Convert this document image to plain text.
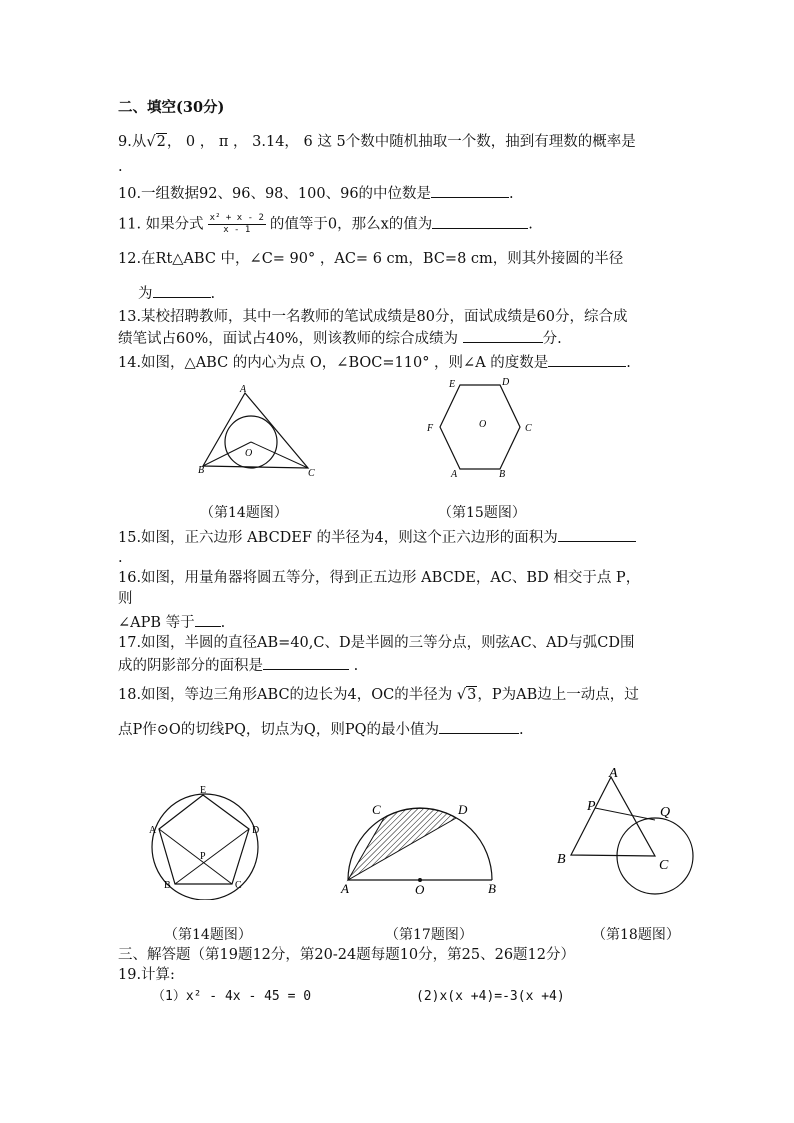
二、填空(30分)
9.从√2， 0 ， π ， 3.14， 6 这 5个数中随机抽取一个数，抽到有理数的概率是
.
10.一组数据92、96、98、100、96的中位数是	.
11. 如果分式 $\frac{\text{x² + x - 2}}{x - 1}$ 的值等于0，那么x的值为	.
12.在Rt△ABC 中，∠C= 90° ，AC= 6 cm，BC=8 cm，则其外接圆的半径
为	.
13.某校招聘教师，其中一名教师的笔试成绩是80分，面试成绩是60分，综合成
绩笔试占60%，面试占40%，则该教师的综合成绩为	分.
14.如图，△ABC 的内心为点 O，∠BOC=110° ，则∠A 的度数是	.
A
B	C
O
（第14题图）
E	D
C
F	O
A	B
（第15题图）
15.如图，正六边形 ABCDEF 的半径为4，则这个正六边形的面积为
.
16.如图，用量角器将圆五等分，得到正五边形 ABCDE，AC、BD 相交于点 P，
则
∠APB 等于 .
17.如图，半圆的直径AB=40,C、D是半圆的三等分点，则弦AC、AD与弧CD围
成的阴影部分的面积是	.
18.如图，等边三角形ABC的边长为4，OC的半径为 √3，P为AB边上一动点，过
点P作⊙O的切线PQ，切点为Q，则PQ的最小值为	.
E
D
A
P
B	C
（第14题图）
C	D
A	O	B
（第17题图）
A
P	Q
B	C
（第18题图）
三、解答题（第19题12分，第20-24题每题10分，第25、26题12分）
19.计算:
（1）x² - 4x - 45 = 0	(2)x(x +4)=-3(x +4)
